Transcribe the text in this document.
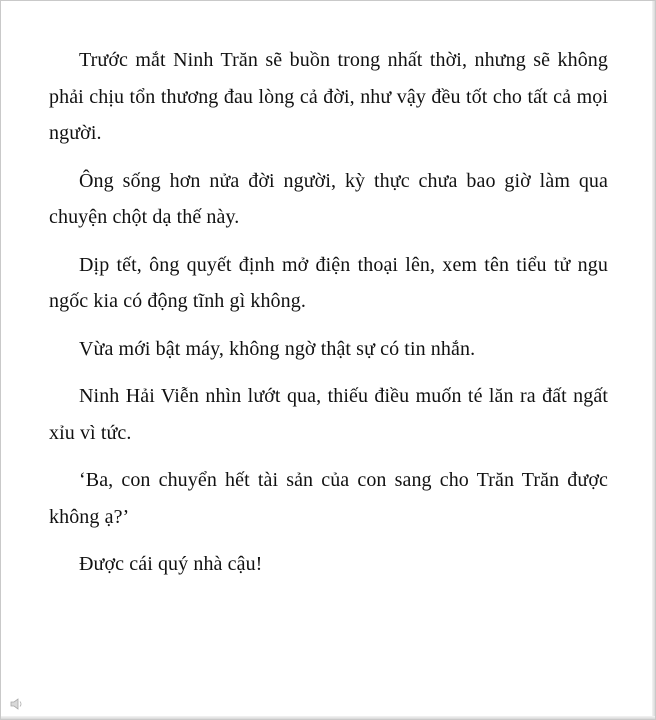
Trước mắt Ninh Trăn sẽ buồn trong nhất thời, nhưng sẽ không phải chịu tổn thương đau lòng cả đời, như vậy đều tốt cho tất cả mọi người.

Ông sống hơn nửa đời người, kỳ thực chưa bao giờ làm qua chuyện chột dạ thế này.

Dịp tết, ông quyết định mở điện thoại lên, xem tên tiểu tử ngu ngốc kia có động tĩnh gì không.

Vừa mới bật máy, không ngờ thật sự có tin nhắn.

Ninh Hải Viễn nhìn lướt qua, thiếu điều muốn té lăn ra đất ngất xỉu vì tức.

‘Ba, con chuyển hết tài sản của con sang cho Trăn Trăn được không ạ?’

Được cái quý nhà cậu!
